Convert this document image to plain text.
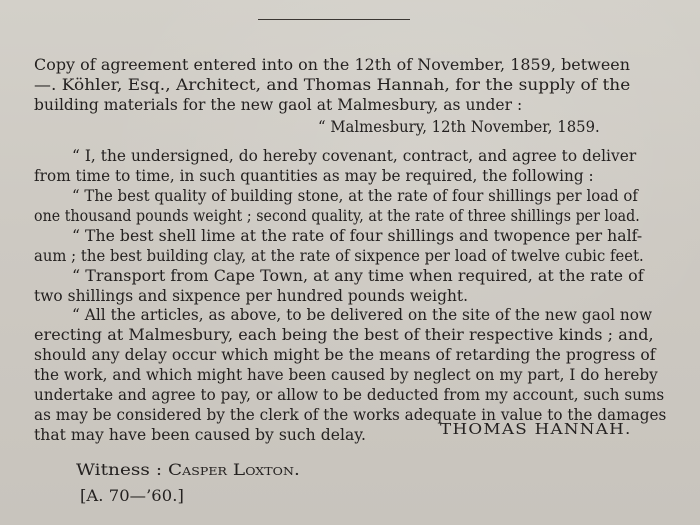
Copy of agreement entered into on the 12th of November, 1859, between
—. Köhler, Esq., Architect, and Thomas Hannah, for the supply of the
building materials for the new gaol at Malmesbury, as under :
“ Malmesbury, 12th November, 1859.
“ I, the undersigned, do hereby covenant, contract, and agree to deliver
from time to time, in such quantities as may be required, the following :
“ The best quality of building stone, at the rate of four shillings per load of
one thousand pounds weight ; second quality, at the rate of three shillings per load.
“ The best shell lime at the rate of four shillings and twopence per half-
aum ; the best building clay, at the rate of sixpence per load of twelve cubic feet.
“ Transport from Cape Town, at any time when required, at the rate of
two shillings and sixpence per hundred pounds weight.
“ All the articles, as above, to be delivered on the site of the new gaol now
erecting at Malmesbury, each being the best of their respective kinds ; and,
should any delay occur which might be the means of retarding the progress of
the work, and which might have been caused by neglect on my part, I do hereby
undertake and agree to pay, or allow to be deducted from my account, such sums
as may be considered by the clerk of the works adequate in value to the damages
that may have been caused by such delay.	THOMAS HANNAH.
Witness : Casper Loxton.
[A. 70—’60.]
